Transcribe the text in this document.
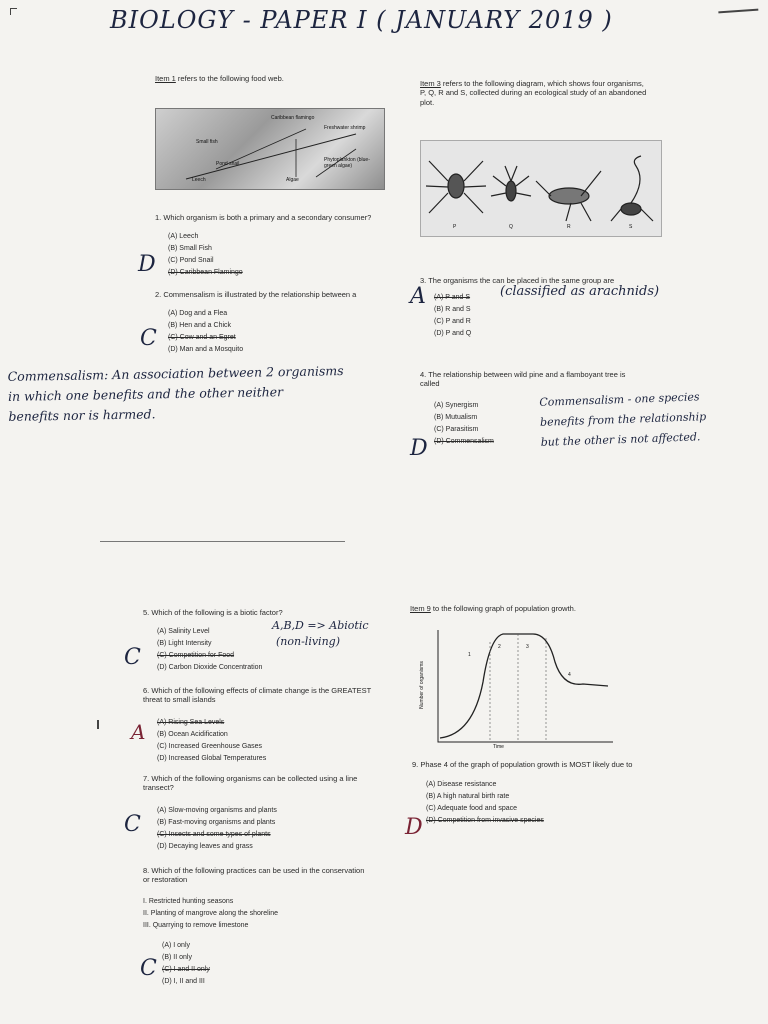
BIOLOGY - PAPER I ( JANUARY 2019 )
Item 1 refers to the following food web.
Caribbean flamingo
Freshwater shrimp
Phytoplankton (blue-green algae)
Pond snail
Algae
Small fish
Leech
1. Which organism is both a primary and a secondary consumer?
(A) Leech
(B) Small Fish
(C) Pond Snail
(D) Caribbean Flamingo
D
2. Commensalism is illustrated by the relationship between a
(A) Dog and a Flea
(B) Hen and a Chick
(C) Cow and an Egret
(D) Man and a Mosquito
C
Commensalism: An association between 2 organisms
in which one benefits and the other neither
benefits nor is harmed.
5. Which of the following is a biotic factor?
(A) Salinity Level
(B) Light Intensity
(C) Competition for Food
(D) Carbon Dioxide Concentration
C
A,B,D => Abiotic
(non-living)
6. Which of the following effects of climate change is the GREATEST
threat to small islands
(A) Rising Sea Levels
(B) Ocean Acidification
(C) Increased Greenhouse Gases
(D) Increased Global Temperatures
A
7. Which of the following organisms can be collected using a line
transect?
(A) Slow-moving organisms and plants
(B) Fast-moving organisms and plants
(C) Insects and some types of plants
(D) Decaying leaves and grass
C
8. Which of the following practices can be used in the conservation
or restoration
I. Restricted hunting seasons
II. Planting of mangrove along the shoreline
III. Quarrying to remove limestone
(A) I only
(B) II only
(C) I and II only
(D) I, II and III
C
Item 3 refers to the following diagram, which shows four organisms,
P, Q, R and S, collected during an ecological study of an abandoned
plot.
P	Q	R	S
3. The organisms the can be placed in the same group are
(A) P and S
(B) R and S
(C) P and R
(D) P and Q
A	(classified as arachnids)
4. The relationship between wild pine and a flamboyant tree is
called
(A) Synergism
(B) Mutualism
(C) Parasitism
(D) Commensalism
D
Commensalism - one species
benefits from the relationship
but the other is not affected.
Item 9 to the following graph of population growth.
Number of organisms
Time
1
2	3
4
9. Phase 4 of the graph of population growth is MOST likely due to
(A) Disease resistance
(B) A high natural birth rate
(C) Adequate food and space
(D) Competition from invasive species
D
